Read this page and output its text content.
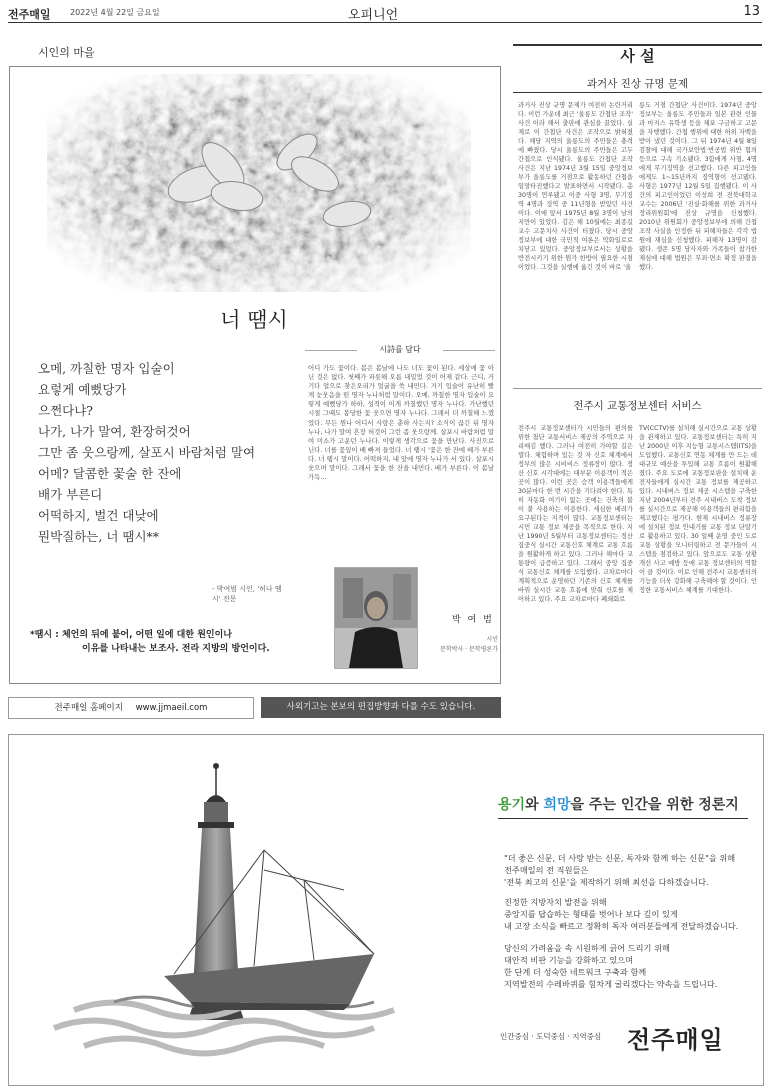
전주매일 2022년 4월 22일 금요일	오피니언	13
시인의 마을
너 땜시
오메, 까칠한 명자 입술이
요렇게 예뻤당가
으쩐다냐?
나가, 나가 말여, 환장허것어
그만 좀 웃으랑께, 살포시 바람처럼 말여
어메? 달콤한 꽃술 한 잔에
배가 부른디
어떡하지, 벌건 대낮에
뭔박질하는, 너 땜시**
- 박여범 시인, '허나 땜시' 전문
*땜시 : 체언의 뒤에 붙어, 어떤 일에 대한 원인이나
이유를 나타내는 보조사. 전라 지방의 방언이다.
시詩를 담다
어디 가도 꽃이다. 봄은 봄날에 나도 너도 꽃이 된다. 세상에 꽃 아닌 것은 없다. 첫째가 파릇해 오름 내밀었 것이 어제 같다. 근디, 거기다 얼으로 찾은오리가 얼굴을 쑥 내민다. 거기 입술이 유난히 빨게 눈웃음을 띤 명자 누나처럼 말이다. 오메, 까칠한 명자 입술이 요렇게 예뻤당가 하하, 성적이 이게 까칠했던 명자 누나다. 가난했던 시절 그때도 봉당한 꽃 웃으면 명자 누나다. 그래서 더 까칠해 느꼈었다. 무든 뭔나 어디서 사랑은 춘하 사는지? 소식이 끊긴 뒤 명자 누나, 나가 말여 흔장 허것어 그런 좀 웃으랑께. 살포시 바람처럼 말여 미소가 고운던 누나다. 이렇게 생각으로 꽃을 만난다. 사진으로 닌다. 너를 꽃잎이 배 빠져 들었다. 너 땜시 '꽃은 한 잔에 배가 부른다. 너 땜시 말이다. 어떡하지, 내 앞에 명자 누나가 서 있다. 살포시 웃으며 말이다. 그래서 꽃을 한 잔을 내민다. 배가 부른다. 이 봄날 가득...
박 여 범
시인
문학박사 · 문학평론가
사 설
과거사 진상 규명 문제
과거사 진상 규명 문제가 여전히 논란거리다. 이런 가운데 최근 '울릉도 간첩단 조작' 사건 이라 해서 출판에 관심을 끌었다. 실제로 이 간첩단 사건은 조작으로 밝혀졌다. 해당 지역의 울릉도의 주민들은 충격에 빠졌다. 당시 울릉도의 주민들은 고두 간첩으로 인식됐다. 울릉도 간첩단 조작 사건은 지난 1974년 3월 15일 중앙정보부가 울릉도를 거점으로 활동하던 간첩을 일망타진했다고 발표하면서 시작됐다. 총 30명이 연루됐고 이중 사형 3명, 무기징역 4명과 징역 중 11년형을 받았던 사건이다. 이에 앞서 1975년 8월 3명이 남의 지만이 있었다. 김은 해 10월에는 최종길 교수 고문치사 사건이 터졌다. 당시 중앙정보부에 대한 국민적 여론은 악화일로로 치닫고 있었다. 중앙정보부로서는 상황을 반전시키기 위한 뭔가 한방이 필요한 시점이었다. 그것을 실행에 옮긴 것이 바로 '울
릉도 거점 간첩단' 사건이다. 1974년 중앙정보부는 울릉도 주민들과 일본 관련 인물과 마지스 유학생 등을 체포 구금하고 고문을 자행했다. 간첩 행위에 대한 허위 자백을 받아 냈던 것이다. 그 뒤 1974년 4월 8일 검찰에 대해 국가보안법·반공법 위반 혐의 등으로 구속 기소됐다. 3함에게 사형, 4명에게 무기징역을 선고했다. 다른 피고인들에게도 1~15년까지 징역형이 선고됐다. 사형은 1977년 12월 5일 집행됐다. 이 사건의 피고인이었던 이성희 전 전북대학교 교수는 2006년 '진실·화해를 위한 과거사정리위원회'에 진상 규명을 신청했다. 2010년 위원회가 중앙정보부에 의해 간첩 조작 사실을 인정한 뒤 피해자들은 각각 법원에 재심을 신청했다. 피해자 13명이 감 됐다. 생존 5명 당사자와 가족들이 참가한 재심에 대해 법원은 무죄·면소 확정 판결을 했다.
전주시 교통정보센터 서비스
전주시 교통정보센터가 시민들의 편의를 위한 첨단 교통서비스 제공의 주역으로 자리매김 했다. 그러나 여전히 가야할 길은 멀다. 체험하며 있는 것 자 신호 체계에서 정부의 많은 시비비스 정류장이 많다. 정산 신호 시각대에는 대부분 이용객이 적은 곳이 많다. 이런 곳은 승객 이용객들에게 30분마다 한 번 시간을 기다려야 한다. 특히 자동화 여기이 없는 곳에는 건축의 불이 붙 사용하는 이용한다. 세심한 배려가 요구된다는 지적이 많다. 교통정보센터는 시민 교통 정보 제공을 목적으로 한다. 지난 1990년 5월부터 교통정보센터는 정산 집중식 실시간 교통신호 체계로 교통 흐름을 원활하게 하고 있다. 그러나 해마다 교통량이 급증하고 있다. 그래서 중앙 집중식 교통신호 체계를 도입했다. 교차로마다 계획적으로 운영하던 기존의 신호 체계를 바꿔 실시간 교통 흐름에 맞춰 신호를 제어하고 있다. 주요 교차로마다 폐쇄회로
TV(CCTV)를 설치해 실시간으로 교통 상황을 관제하고 있다. 교통정보센터는 특히 지난 2000년 이후 지능형 교통시스템(ITS)을 도입했다. 교통신호 연동 체계를 만 드는 데 대규모 예산을 투입해 교통 흐름이 원활해졌다. 주요 도로에 교통정보판을 설치해 운전자들에게 실시간 교통 정보를 제공하고 있다. 시내버스 정보 제공 시스템을 구축한 지난 2004년부터 전주 시내버스 도착 정보를 실시간으로 제공해 이용객들의 편리함을 제고했다는 평가다. 현재 시내버스 정류장에 설치된 정보 안내기를 교통 정보 단말기로 활용하고 있다. 30 일째 운영 중인 도로 교통 상황을 모니터링하고 전 문가들이 시스템을 점검하고 있다. 앞으로도 교통 상황 개선 사고 예방 등에 교통 정보센터의 역할이 클 것이다. 이로 인해 전주시 교통센터의 기능을 더욱 강화해 구축해야 할 것이다. 인정한 교통서비스 체계를 기대한다.
전주매일 홈페이지 www.jjmaeil.com	사외기고는 본보의 편집방향과 다를 수도 있습니다.
용기와 희망을 주는 인간을 위한 정론지
"더 좋은 신문, 더 사랑 받는 신문, 독자와 함께 하는 신문"을 위해
전주매일의 전 직원들은
'전북 최고의 신문'을 제작하기 위해 최선을 다하겠습니다.
진정한 지방자치 발전을 위해
중앙지를 답습하는 형태를 벗어나 보다 깊이 있게
내 고장 소식을 빠르고 정확히 독자 여러분들에게 전달하겠습니다.
당신의 가려움을 속 시원하게 긁어 드리기 위해
대안적 비판 기능을 강화하고 있으며
한 단계 더 성숙한 네트워크 구축과 함께
지역발전의 수레바퀴를 힘차게 굴리겠다는 약속을 드립니다.
인간중심 · 도덕중심 · 지역중심 전주매일
